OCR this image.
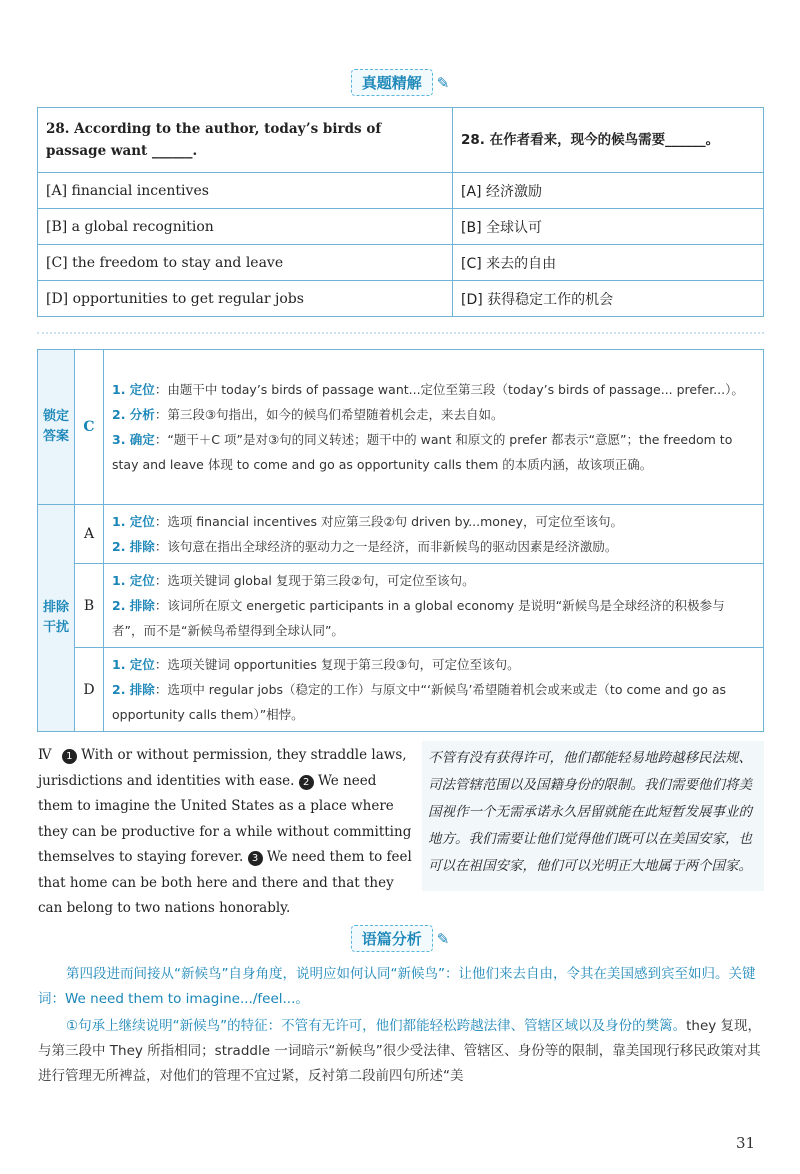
真题精解 ✎
28. According to the author, today’s birds of passage want ______.	28. 在作者看来，现今的候鸟需要______。
[A] financial incentives	[A] 经济激励
[B] a global recognition	[B] 全球认可
[C] the freedom to stay and leave	[C] 来去的自由
[D] opportunities to get regular jobs	[D] 获得稳定工作的机会
锁定答案	C	1. 定位：由题干中 today’s birds of passage want...定位至第三段（today’s birds of passage... prefer...）。
2. 分析：第三段③句指出，如今的候鸟们希望随着机会走，来去自如。
3. 确定：“题干＋C 项”是对③句的同义转述；题干中的 want 和原文的 prefer 都表示“意愿”；the freedom to stay and leave 体现 to come and go as opportunity calls them 的本质内涵，故该项正确。

排除干扰	A	1. 定位：选项 financial incentives 对应第三段②句 driven by...money，可定位至该句。
2. 排除：该句意在指出全球经济的驱动力之一是经济，而非新候鸟的驱动因素是经济激励。

	B	1. 定位：选项关键词 global 复现于第三段②句，可定位至该句。
2. 排除：该词所在原文 energetic participants in a global economy 是说明“新候鸟是全球经济的积极参与者”，而不是“新候鸟希望得到全球认同”。

	D	1. 定位：选项关键词 opportunities 复现于第三段③句，可定位至该句。
2. 排除：选项中 regular jobs（稳定的工作）与原文中“‘新候鸟’希望随着机会或来或走（to come and go as opportunity calls them）”相悖。
Ⅳ 1 With or without permission, they straddle laws, jurisdictions and identities with ease. 2 We need them to imagine the United States as a place where they can be productive for a while without committing themselves to staying forever. 3 We need them to feel that home can be both here and there and that they can belong to two nations honorably.
不管有没有获得许可，他们都能轻易地跨越移民法规、司法管辖范围以及国籍身份的限制。我们需要他们将美国视作一个无需承诺永久居留就能在此短暂发展事业的地方。我们需要让他们觉得他们既可以在美国安家，也可以在祖国安家，他们可以光明正大地属于两个国家。
语篇分析 ✎
第四段进而间接从“新候鸟”自身角度，说明应如何认同“新候鸟”：让他们来去自由，令其在美国感到宾至如归。关键词：We need them to imagine.../feel...。
①句承上继续说明“新候鸟”的特征：不管有无许可，他们都能轻松跨越法律、管辖区域以及身份的樊篱。they 复现，与第三段中 They 所指相同；straddle 一词暗示“新候鸟”很少受法律、管辖区、身份等的限制，靠美国现行移民政策对其进行管理无所裨益，对他们的管理不宜过紧，反衬第二段前四句所述“美
31
